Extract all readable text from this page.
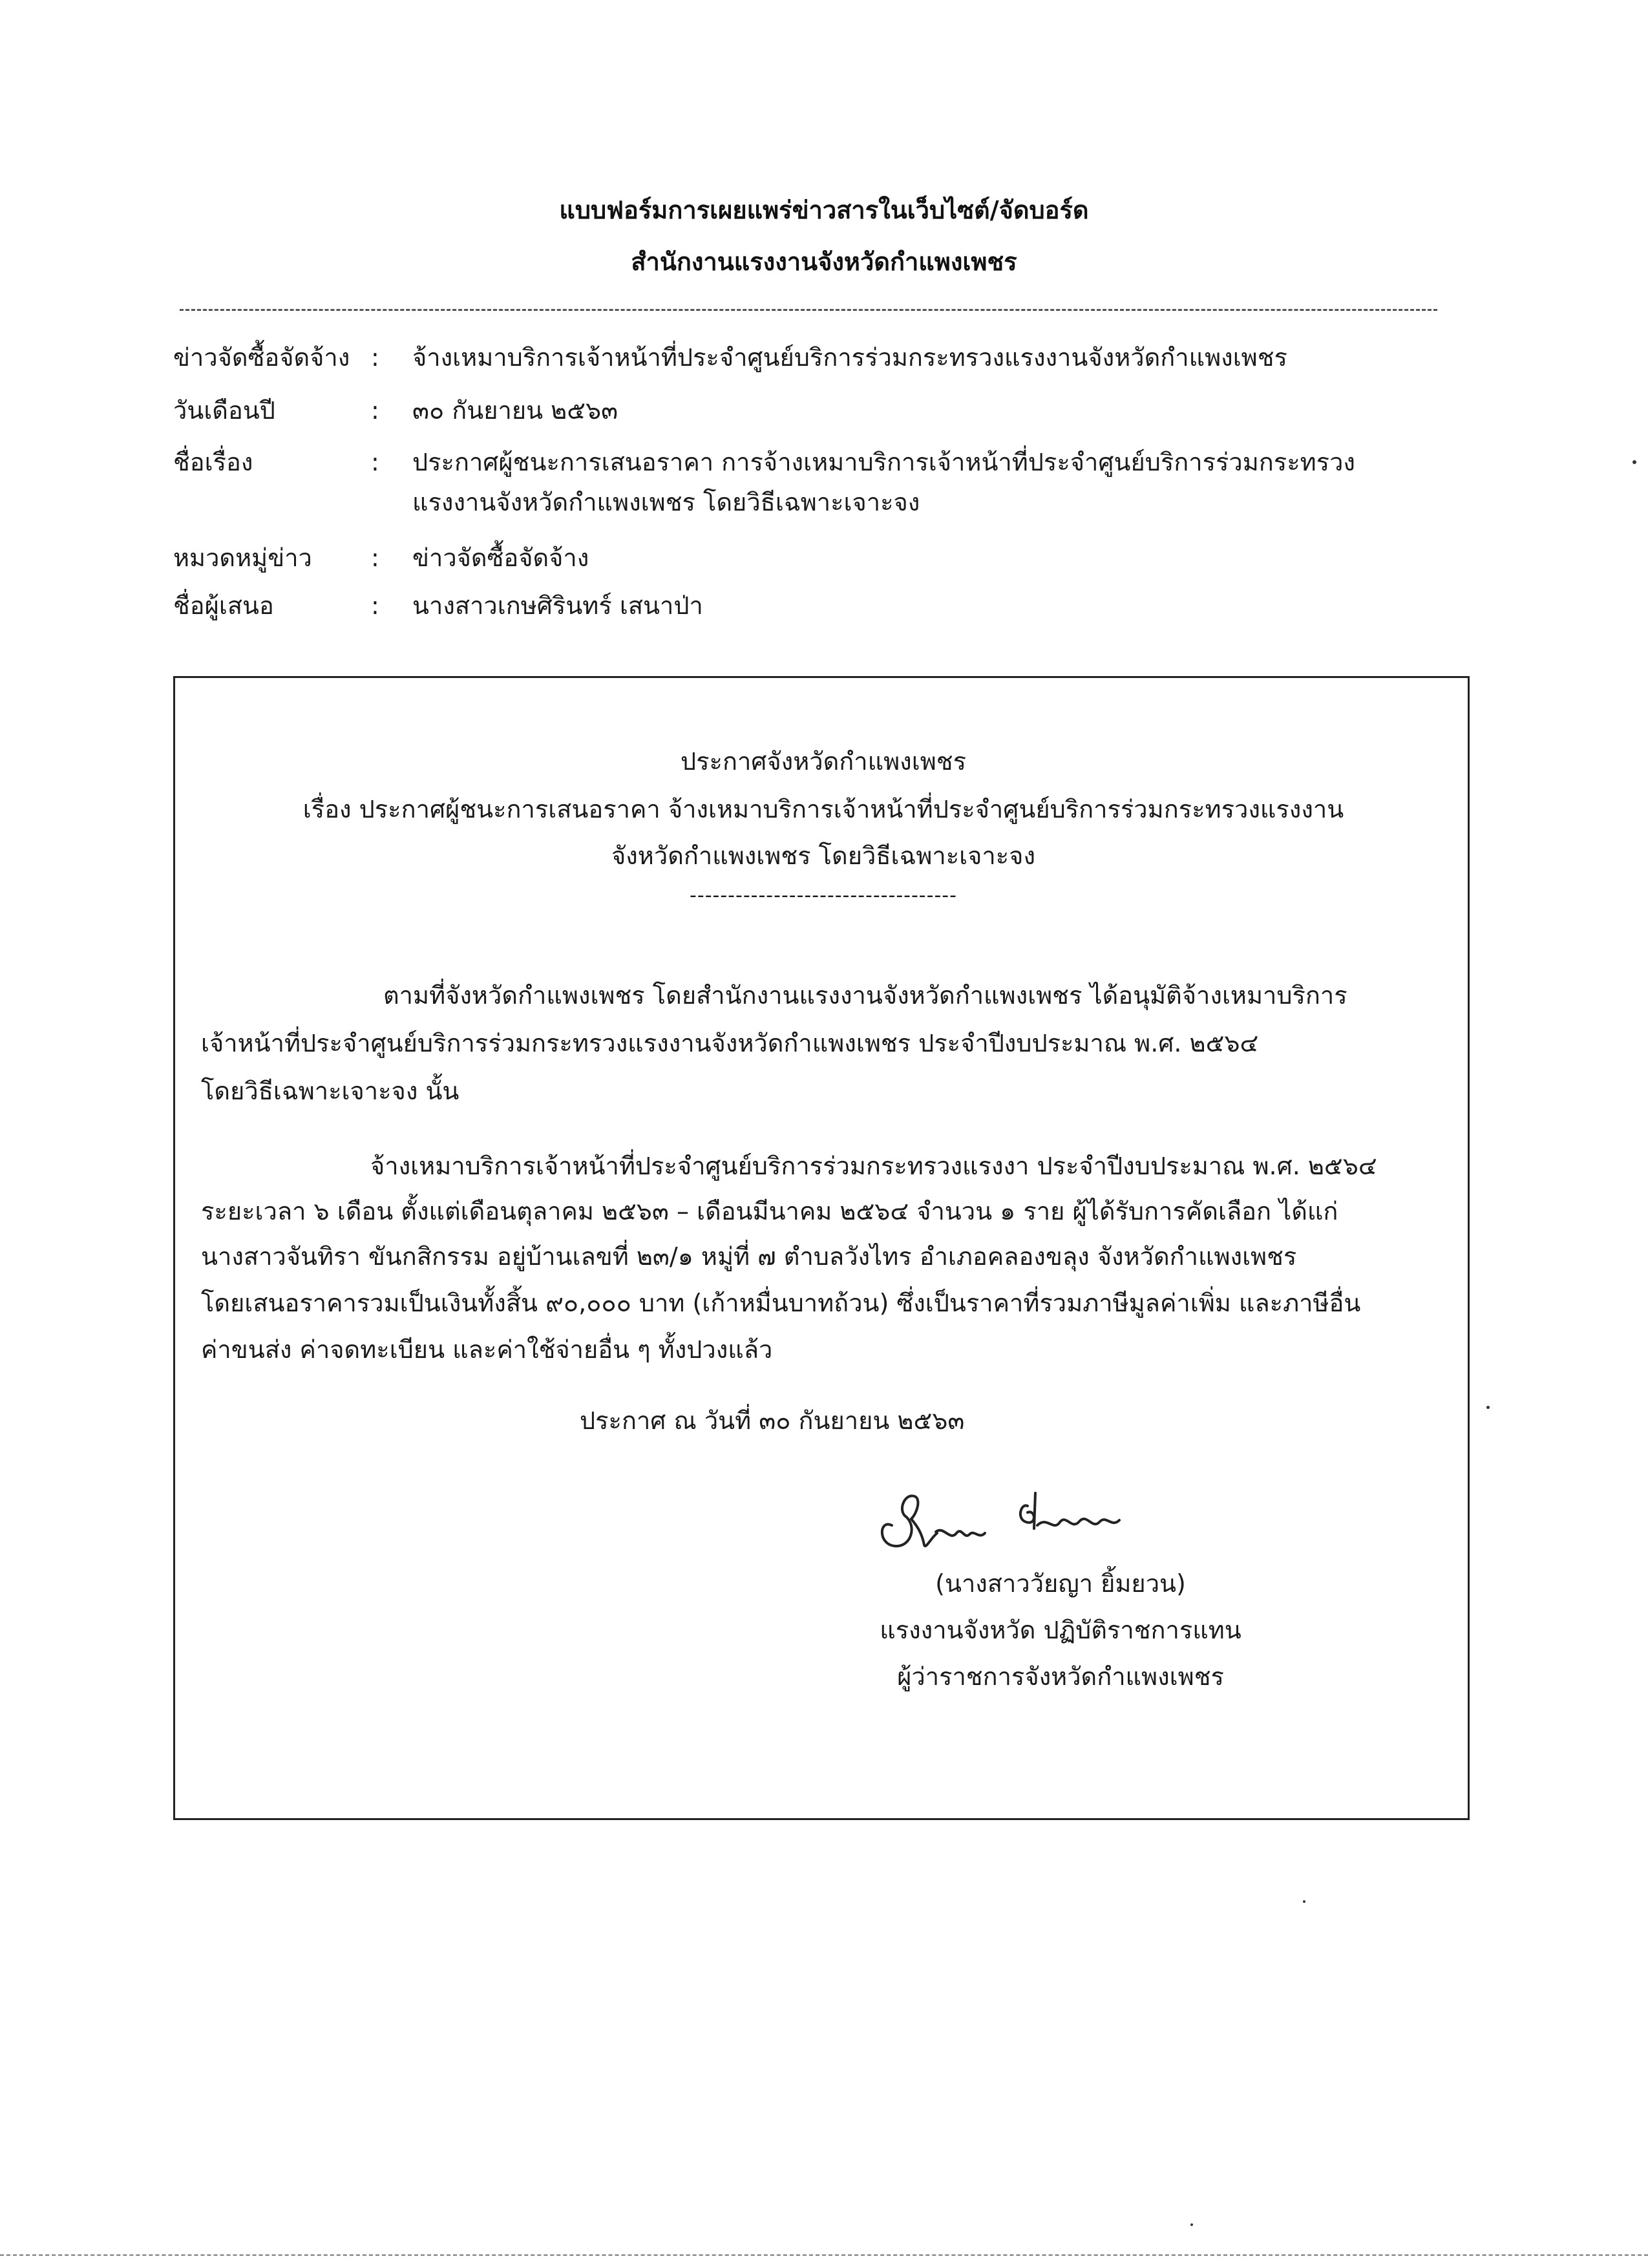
แบบฟอร์มการเผยแพร่ข่าวสารในเว็บไซต์/จัดบอร์ด
สำนักงานแรงงานจังหวัดกำแพงเพชร
ข่าวจัดซื้อจัดจ้าง : จ้างเหมาบริการเจ้าหน้าที่ประจำศูนย์บริการร่วมกระทรวงแรงงานจังหวัดกำแพงเพชร
วันเดือนปี	: ๓๐ กันยายน ๒๕๖๓
ชื่อเรื่อง	: ประกาศผู้ชนะการเสนอราคา การจ้างเหมาบริการเจ้าหน้าที่ประจำศูนย์บริการร่วมกระทรวง
แรงงานจังหวัดกำแพงเพชร โดยวิธีเฉพาะเจาะจง
หมวดหมู่ข่าว : ข่าวจัดซื้อจัดจ้าง
ชื่อผู้เสนอ	: นางสาวเกษศิรินทร์ เสนาป่า
ประกาศจังหวัดกำแพงเพชร
เรื่อง ประกาศผู้ชนะการเสนอราคา จ้างเหมาบริการเจ้าหน้าที่ประจำศูนย์บริการร่วมกระทรวงแรงงาน
จังหวัดกำแพงเพชร โดยวิธีเฉพาะเจาะจง
-----------------------------------
ตามที่จังหวัดกำแพงเพชร โดยสำนักงานแรงงานจังหวัดกำแพงเพชร ได้อนุมัติจ้างเหมาบริการ
เจ้าหน้าที่ประจำศูนย์บริการร่วมกระทรวงแรงงานจังหวัดกำแพงเพชร ประจำปีงบประมาณ พ.ศ. ๒๕๖๔
โดยวิธีเฉพาะเจาะจง นั้น
จ้างเหมาบริการเจ้าหน้าที่ประจำศูนย์บริการร่วมกระทรวงแรงงา ประจำปีงบประมาณ พ.ศ. ๒๕๖๔
ระยะเวลา ๖ เดือน ตั้งแต่เดือนตุลาคม ๒๕๖๓ – เดือนมีนาคม ๒๕๖๔ จำนวน ๑ ราย ผู้ได้รับการคัดเลือก ได้แก่
นางสาวจันทิรา ขันกสิกรรม อยู่บ้านเลขที่ ๒๓/๑ หมู่ที่ ๗ ตำบลวังไทร อำเภอคลองขลุง จังหวัดกำแพงเพชร
โดยเสนอราคารวมเป็นเงินทั้งสิ้น ๙๐,๐๐๐ บาท (เก้าหมื่นบาทถ้วน) ซึ่งเป็นราคาที่รวมภาษีมูลค่าเพิ่ม และภาษีอื่น
ค่าขนส่ง ค่าจดทะเบียน และค่าใช้จ่ายอื่น ๆ ทั้งปวงแล้ว
ประกาศ ณ วันที่ ๓๐ กันยายน ๒๕๖๓
(นางสาววัยญา ยิ้มยวน)
แรงงานจังหวัด ปฏิบัติราชการแทน
ผู้ว่าราชการจังหวัดกำแพงเพชร
